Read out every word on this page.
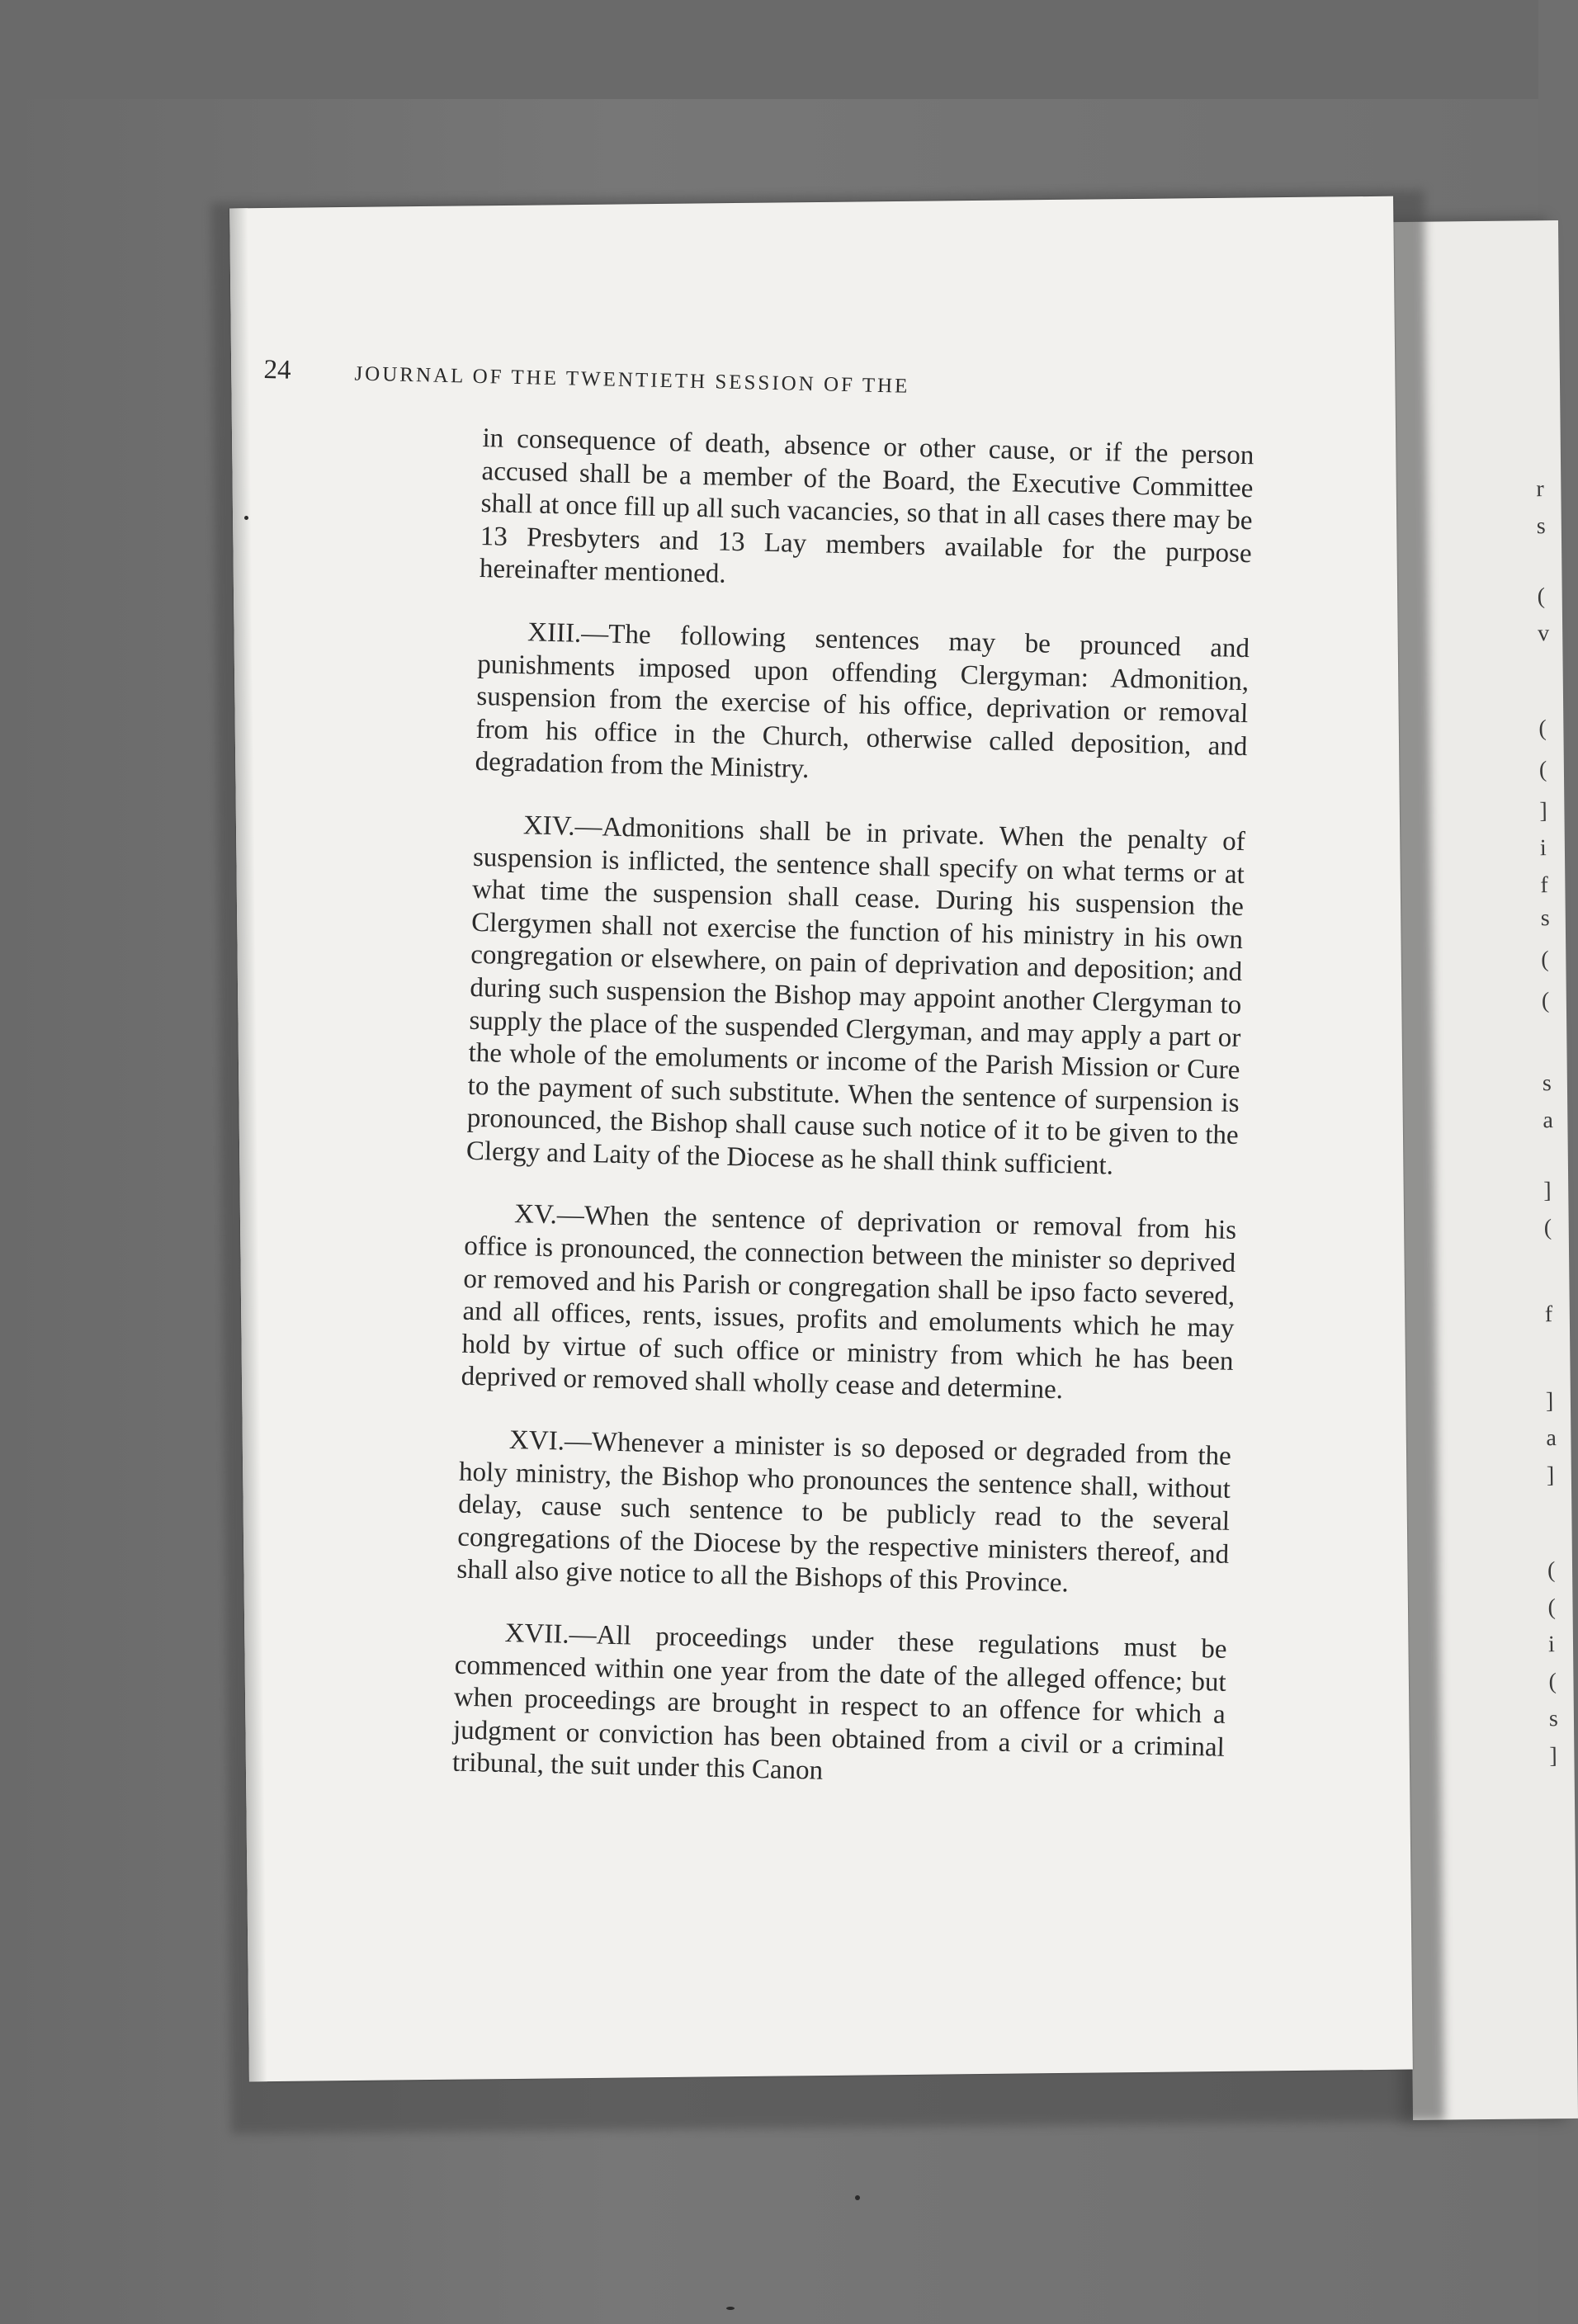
r
s
(
v
(
(
]
i
f
s
(
(
s
a
]
(
f
]
a
]
(
(
i
(
s
]
24	JOURNAL OF THE TWENTIETH SESSION OF THE

in consequence of death, absence or other cause, or if the person accused shall be a member of the Board, the Executive Committee shall at once fill up all such vacancies, so that in all cases there may be 13 Presbyters and 13 Lay members available for the purpose hereinafter mentioned.

XIII.—The following sentences may be prounced and punishments imposed upon offending Clergyman: Admonition, suspension from the exercise of his office, deprivation or removal from his office in the Church, otherwise called deposition, and degradation from the Ministry.

XIV.—Admonitions shall be in private. When the penalty of suspension is inflicted, the sentence shall specify on what terms or at what time the suspension shall cease. During his suspension the Clergymen shall not exercise the function of his ministry in his own congregation or elsewhere, on pain of deprivation and deposition; and during such suspension the Bishop may appoint another Clergyman to supply the place of the suspended Clergyman, and may apply a part or the whole of the emoluments or income of the Parish Mission or Cure to the payment of such substitute. When the sentence of surpension is pronounced, the Bishop shall cause such notice of it to be given to the Clergy and Laity of the Diocese as he shall think sufficient.

XV.—When the sentence of deprivation or removal from his office is pronounced, the connection between the minister so deprived or removed and his Parish or congregation shall be ipso facto severed, and all offices, rents, issues, profits and emoluments which he may hold by virtue of such office or ministry from which he has been deprived or removed shall wholly cease and determine.

XVI.—Whenever a minister is so deposed or degraded from the holy ministry, the Bishop who pronounces the sentence shall, without delay, cause such sentence to be publicly read to the several congregations of the Diocese by the respective ministers thereof, and shall also give notice to all the Bishops of this Province.

XVII.—All proceedings under these regulations must be commenced within one year from the date of the alleged offence; but when proceedings are brought in respect to an offence for which a judgment or conviction has been obtained from a civil or a criminal tribunal, the suit under this Canon
